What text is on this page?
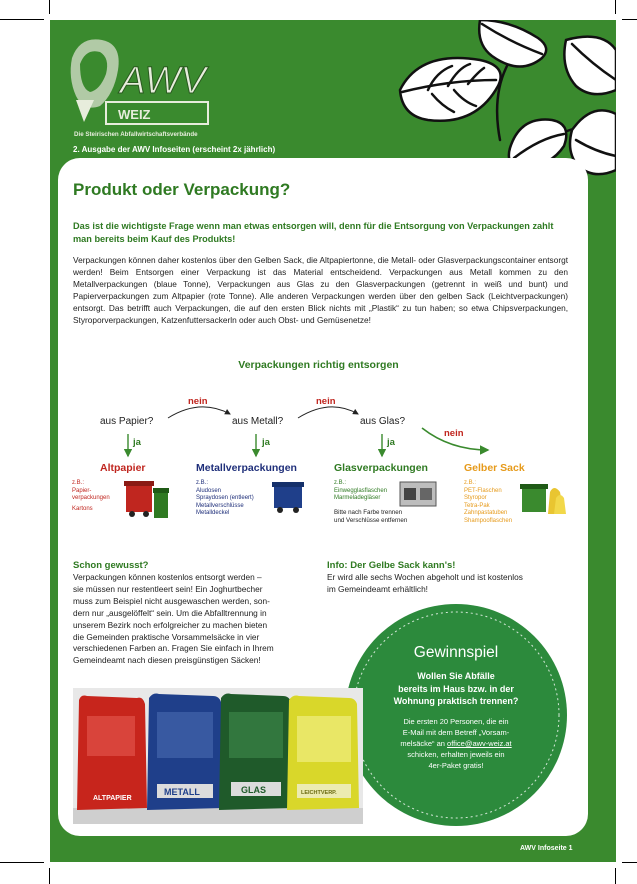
AWV
WEIZ
Die Steirischen Abfallwirtschaftsverbände
2. Ausgabe der AWV Infoseiten (erscheint 2x jährlich)
Produkt oder Verpackung?
Das ist die wichtigste Frage wenn man etwas entsorgen will, denn für die Entsorgung von Verpackungen zahlt man bereits beim Kauf des Produkts!
Verpackungen können daher kostenlos über den Gelben Sack, die Altpapiertonne, die Metall- oder Glasverpackungscontainer entsorgt werden! Beim Entsorgen einer Verpackung ist das Material entscheidend. Verpackungen aus Metall kommen zu den Metallverpackungen (blaue Tonne), Verpackungen aus Glas zu den Glasverpackungen (getrennt in weiß und bunt) und Papierverpackungen zum Altpapier (rote Tonne). Alle anderen Verpackungen werden über den gelben Sack (Leichtverpackungen) entsorgt. Das betrifft auch Verpackungen, die auf den ersten Blick nichts mit „Plastik“ zu tun haben; so etwa Chipsverpackungen, Styroporverpackungen, Katzenfuttersackerln oder auch Obst- und Gemüsenetze!
Verpackungen richtig entsorgen
nein	nein
nein
aus Papier?	aus Metall?	aus Glas?
ja	ja	ja
Altpapier	Metallverpackungen	Glasverpackungen	Gelber Sack
z.B.:
Papier-
verpackungen
Kartons
z.B.:
Aludosen
Spraydosen (entleert)
Metallverschlüsse
Metalldeckel
z.B.:
Einwegglasflaschen
Marmeladegläser
Bitte nach Farbe trennen
und Verschlüsse entfernen
z.B.:
PET-Flaschen
Styropor
Tetra-Pak
Zahnpastatuben
Shampooflaschen
Schon gewusst?
Verpackungen können kostenlos entsorgt werden –
sie müssen nur restentleert sein! Ein Joghurtbecher
muss zum Beispiel nicht ausgewaschen werden, son-
dern nur „ausgelöffelt“ sein. Um die Abfalltrennung in
unserem Bezirk noch erfolgreicher zu machen bieten
die Gemeinden praktische Vorsammelsäcke in vier
verschiedenen Farben an. Fragen Sie einfach in Ihrem
Gemeindeamt nach diesen preisgünstigen Säcken!
Info: Der Gelbe Sack kann's!
Er wird alle sechs Wochen abgeholt und ist kostenlos
im Gemeindeamt erhältlich!
Gewinnspiel
Wollen Sie Abfälle
bereits im Haus bzw. in der
Wohnung praktisch trennen?
Die ersten 20 Personen, die ein
E-Mail mit dem Betreff „Vorsam-
melsäcke“ an office@awv-weiz.at
schicken, erhalten jeweils ein
4er-Paket gratis!
ALTPAPIER
METALL	GLAS	LEICHTVERP.
AWV Infoseite 1
